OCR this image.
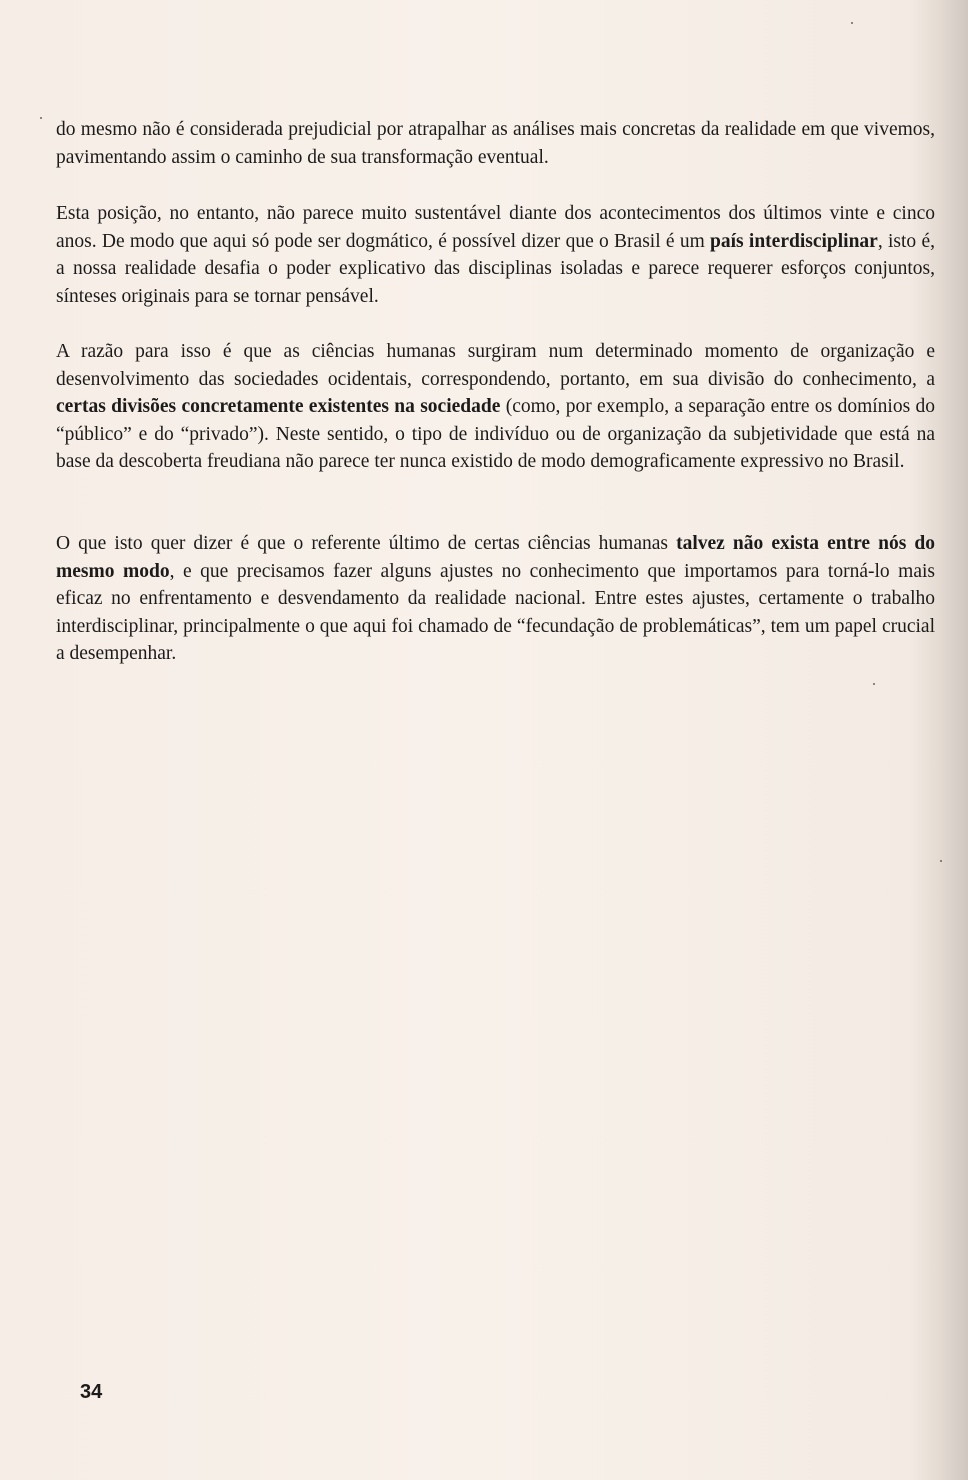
do mesmo não é considerada prejudicial por atrapalhar as análises mais concretas da realidade em que vivemos, pavimentando assim o caminho de sua transformação eventual.

Esta posição, no entanto, não parece muito sustentável diante dos acontecimentos dos últimos vinte e cinco anos. De modo que aqui só pode ser dogmático, é possível dizer que o Brasil é um país interdisciplinar, isto é, a nossa realidade desafia o poder explicativo das disciplinas isoladas e parece requerer esforços conjuntos, sínteses originais para se tornar pensável.

A razão para isso é que as ciências humanas surgiram num determinado momento de organização e desenvolvimento das sociedades ocidentais, correspondendo, portanto, em sua divisão do conhecimento, a certas divisões concretamente existentes na sociedade (como, por exemplo, a separação entre os domínios do “público” e do “privado”). Neste sentido, o tipo de indivíduo ou de organização da subjetividade que está na base da descoberta freudiana não parece ter nunca existido de modo demograficamente expressivo no Brasil.

O que isto quer dizer é que o referente último de certas ciências humanas talvez não exista entre nós do mesmo modo, e que precisamos fazer alguns ajustes no conhecimento que importamos para torná-lo mais eficaz no enfrentamento e desvendamento da realidade nacional. Entre estes ajustes, certamente o trabalho interdisciplinar, principalmente o que aqui foi chamado de “fecundação de problemáticas”, tem um papel crucial a desempenhar.

34
